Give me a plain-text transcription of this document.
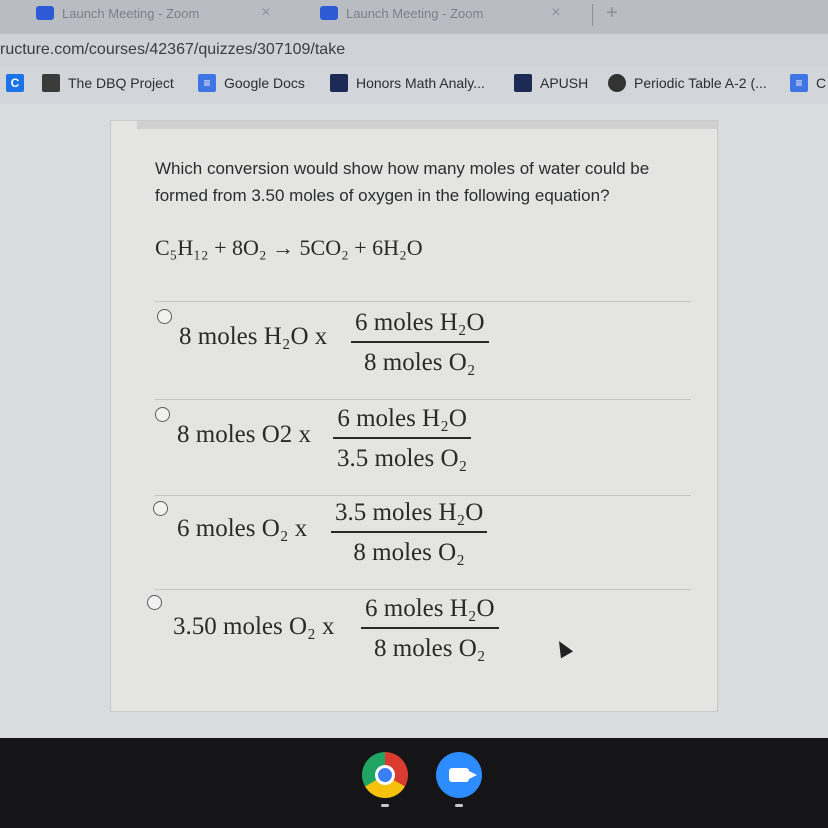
Launch Meeting - Zoom	×	Launch Meeting - Zoom	× +
ructure.com/courses/42367/quizzes/307109/take
C	The DBQ Project	≡ Google Docs	Honors Math Analy...	APUSH	Periodic Table A-2 (...	≡ C
Which conversion would show how many moles of water could be formed from 3.50 moles of oxygen in the following equation?
C₅H₁₂ + 8O₂ → 5CO₂ + 6H₂O
8 moles H₂O x
6 moles H₂O
8 moles O₂
8 moles O2 x
6 moles H₂O
3.5 moles O₂
6 moles O₂ x
3.5 moles H₂O
8 moles O₂
3.50 moles O₂ x
6 moles H₂O
8 moles O₂
